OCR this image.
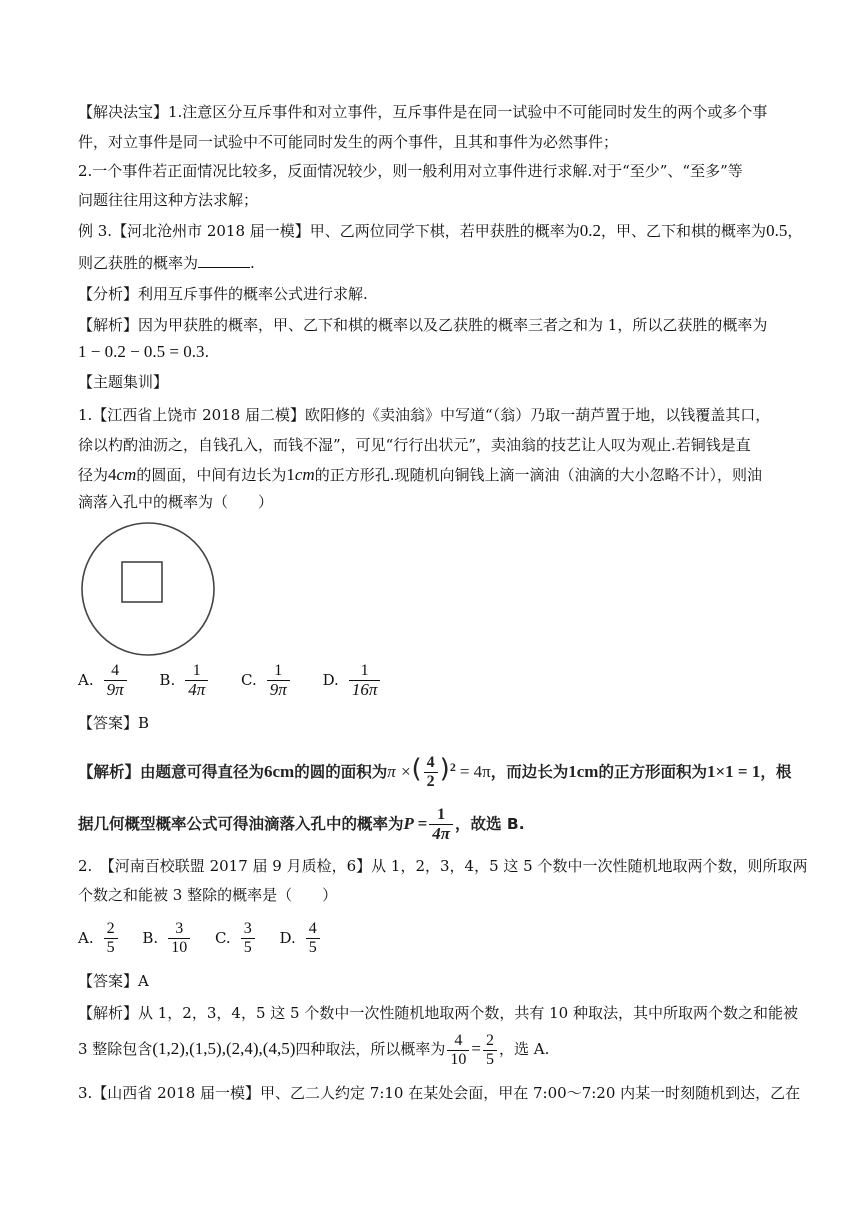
【解决法宝】1.注意区分互斥事件和对立事件，互斥事件是在同一试验中不可能同时发生的两个或多个事
件，对立事件是同一试验中不可能同时发生的两个事件，且其和事件为必然事件；
2.一个事件若正面情况比较多，反面情况较少，则一般利用对立事件进行求解.对于“至少”、“至多”等
问题往往用这种方法求解；
例 3.【河北沧州市 2018 届一模】甲、乙两位同学下棋，若甲获胜的概率为0.2，甲、乙下和棋的概率为0.5，
则乙获胜的概率为	.
【分析】利用互斥事件的概率公式进行求解.
【解析】因为甲获胜的概率，甲、乙下和棋的概率以及乙获胜的概率三者之和为 1，所以乙获胜的概率为
1 − 0.2 − 0.5 = 0.3.
【主题集训】
1.【江西省上饶市 2018 届二模】欧阳修的《卖油翁》中写道“（翁）乃取一葫芦置于地，以钱覆盖其口，
徐以杓酌油沥之，自钱孔入，而钱不湿”，可见“行行出状元”，卖油翁的技艺让人叹为观止.若铜钱是直
径为4cm的圆面，中间有边长为1cm的正方形孔.现随机向铜钱上滴一滴油（油滴的大小忽略不计），则油
滴落入孔中的概率为（　　）
A. $\frac{4}{9\pi}$
B. $\frac{1}{4\pi}$
C. $\frac{1}{9\pi}$
D. $\frac{1}{16\pi}$
【答案】B
【解析】由题意可得直径为6cm的圆的面积为π ×( $\frac{4}{2} )^2 = 4\pi$，而边长为1cm的正方形面积为1×1 = 1，根
据几何概型概率公式可得油滴落入孔中的概率为$P = \frac{1}{4\pi}$ ，故选 B.
2.　【河南百校联盟 2017 届 9 月质检，6】从 1，2，3，4，5 这 5 个数中一次性随机地取两个数，则所取两
个数之和能被 3 整除的概率是（　　）
A. $\frac{2}{5}$
B. $\frac{3}{10}$
C. $\frac{3}{5}$
D. $\frac{4}{5}$
【答案】A
【解析】从 1，2，3，4，5 这 5 个数中一次性随机地取两个数，共有 10 种取法，其中所取两个数之和能被
3 整除包含(1,2),(1,5),(2,4),(4,5)四种取法，所以概率为 $\frac{4}{10} = \frac{2}{5}$ ，选 A.
3.【山西省 2018 届一模】甲、乙二人约定 7:10 在某处会面，甲在 7:00～7:20 内某一时刻随机到达，乙在
